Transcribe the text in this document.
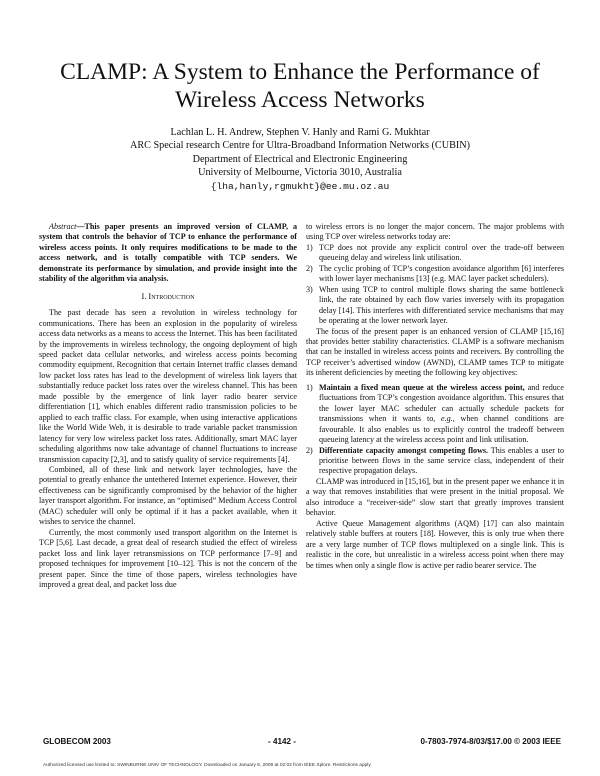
CLAMP: A System to Enhance the Performance of
Wireless Access Networks
Lachlan L. H. Andrew, Stephen V. Hanly and Rami G. Mukhtar
ARC Special research Centre for Ultra-Broadband Information Networks (CUBIN)
Department of Electrical and Electronic Engineering
University of Melbourne, Victoria 3010, Australia
{lha,hanly,rgmukht}@ee.mu.oz.au

Abstract—This paper presents an improved version of CLAMP, a system that controls the behavior of TCP to enhance the performance of wireless access points. It only requires modifications to be made to the access network, and is totally compatible with TCP senders. We demonstrate its performance by simulation, and provide insight into the stability of the algorithm via analysis.

I. Introduction

The past decade has seen a revolution in wireless technology for communications. There has been an explosion in the popularity of wireless access data networks as a means to access the Internet. This has been facilitated by the improvements in wireless technology, the ongoing deployment of high speed packet data cellular networks, and wireless access points becoming commodity equipment. Recognition that certain Internet traffic classes demand low packet loss rates has lead to the development of wireless link layers that substantially reduce packet loss rates over the wireless channel. This has been made possible by the emergence of link layer radio bearer service differentiation [1], which enables different radio transmission policies to be applied to each traffic class. For example, when using interactive applications like the World Wide Web, it is desirable to trade variable packet transmission latency for very low wireless packet loss rates. Additionally, smart MAC layer scheduling algorithms now take advantage of channel fluctuations to increase transmission capacity [2,3], and to satisfy quality of service requirements [4].

Combined, all of these link and network layer technologies, have the potential to greatly enhance the untethered Internet experience. However, their effectiveness can be significantly compromised by the behavior of the higher layer transport algorithm. For instance, an “optimised” Medium Access Control (MAC) scheduler will only be optimal if it has a packet available, when it wishes to service the channel.

Currently, the most commonly used transport algorithm on the Internet is TCP [5,6]. Last decade, a great deal of research studied the effect of wireless packet loss and link layer retransmissions on TCP performance [7–9] and proposed techniques for improvement [10–12]. This is not the concern of the present paper. Since the time of those papers, wireless technologies have improved a great deal, and packet loss due

to wireless errors is no longer the major concern. The major problems with using TCP over wireless networks today are:

1) TCP does not provide any explicit control over the trade-off between queueing delay and wireless link utilisation.
2) The cyclic probing of TCP’s congestion avoidance algorithm [6] interferes with lower layer mechanisms [13] (e.g. MAC layer packet schedulers).
3) When using TCP to control multiple flows sharing the same bottleneck link, the rate obtained by each flow varies inversely with its propagation delay [14]. This interferes with differentiated service mechanisms that may be operating at the lower network layer.

The focus of the present paper is an enhanced version of CLAMP [15,16] that provides better stability characteristics. CLAMP is a software mechanism that can be installed in wireless access points and receivers. By controlling the TCP receiver’s advertised window (AWND), CLAMP tames TCP to mitigate its inherent deficiencies by meeting the following key objectives:

1) Maintain a fixed mean queue at the wireless access point, and reduce fluctuations from TCP’s congestion avoidance algorithm. This ensures that the lower layer MAC scheduler can actually schedule packets for transmissions when it wants to, e.g., when channel conditions are favourable. It also enables us to explicitly control the tradeoff between queueing latency at the wireless access point and link utilisation.
2) Differentiate capacity amongst competing flows. This enables a user to prioritise between flows in the same service class, independent of their respective propagation delays.

CLAMP was introduced in [15,16], but in the present paper we enhance it in a way that removes instabilities that were present in the initial proposal. We also introduce a “receiver-side” slow start that greatly improves transient behavior.

Active Queue Management algorithms (AQM) [17] can also maintain relatively stable buffers at routers [18]. However, this is only true when there are a very large number of TCP flows multiplexed on a single link. This is realistic in the core, but unrealistic in a wireless access point when there may be times when only a single flow is active per radio bearer service. The

GLOBECOM 2003	- 4142 -	0-7803-7974-8/03/$17.00 © 2003 IEEE
Authorized licensed use limited to: SWINBURNE UNIV OF TECHNOLOGY. Downloaded on January 8, 2009 at 02:02 from IEEE Xplore. Restrictions apply.
